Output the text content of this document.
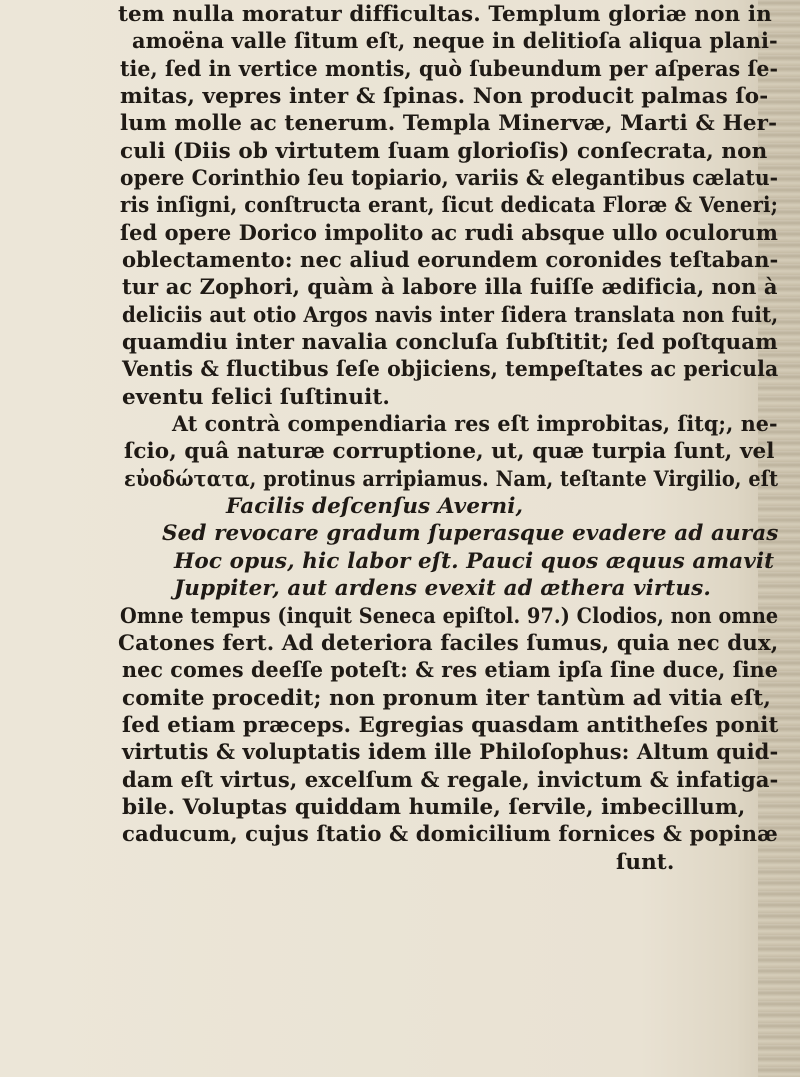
tem nulla moratur difficultas. Templum gloriæ non in
amoëna valle ſitum eſt, neque in delitioſa aliqua plani-
tie, ſed in vertice montis, quò ſubeundum per aſperas ſe-
mitas, vepres inter & ſpinas. Non producit palmas ſo-
lum molle ac tenerum. Templa Minervæ, Marti & Her-
culi (Diis ob virtutem ſuam glorioſis) conſecrata, non
opere Corinthio ſeu topiario, variis & elegantibus cælatu-
ris inſigni, conſtructa erant, ſicut dedicata Floræ & Veneri;
ſed opere Dorico impolito ac rudi absque ullo oculorum
oblectamento: nec aliud eorundem coronides teſtaban-
tur ac Zophori, quàm à labore illa fuiſſe ædificia, non à
deliciis aut otio Argos navis inter ſidera translata non fuit,
quamdiu inter navalia concluſa ſubſtitit; ſed poſtquam
Ventis & fluctibus ſeſe objiciens, tempeſtates ac pericula
eventu felici ſuſtinuit.
At contrà compendiaria res eſt improbitas, ſitq;, ne-
ſcio, quâ naturæ corruptione, ut, quæ turpia ſunt, vel
εὐοδώτατα, protinus arripiamus. Nam, teſtante Virgilio, eſt
Facilis deſcenſus Averni,
Sed revocare gradum ſuperasque evadere ad auras
Hoc opus, hic labor eſt. Pauci quos æquus amavit
Juppiter, aut ardens evexit ad æthera virtus.
Omne tempus (inquit Seneca epiſtol. 97.) Clodios, non omne
Catones fert. Ad deteriora faciles ſumus, quia nec dux,
nec comes deeſſe poteſt: & res etiam ipſa ſine duce, ſine
comite procedit; non pronum iter tantùm ad vitia eſt,
ſed etiam præceps. Egregias quasdam antitheſes ponit
virtutis & voluptatis idem ille Philoſophus: Altum quid-
dam eſt virtus, excelſum & regale, invictum & infatiga-
bile. Voluptas quiddam humile, ſervile, imbecillum,
caducum, cujus ſtatio & domicilium fornices & popinæ
ſunt.
